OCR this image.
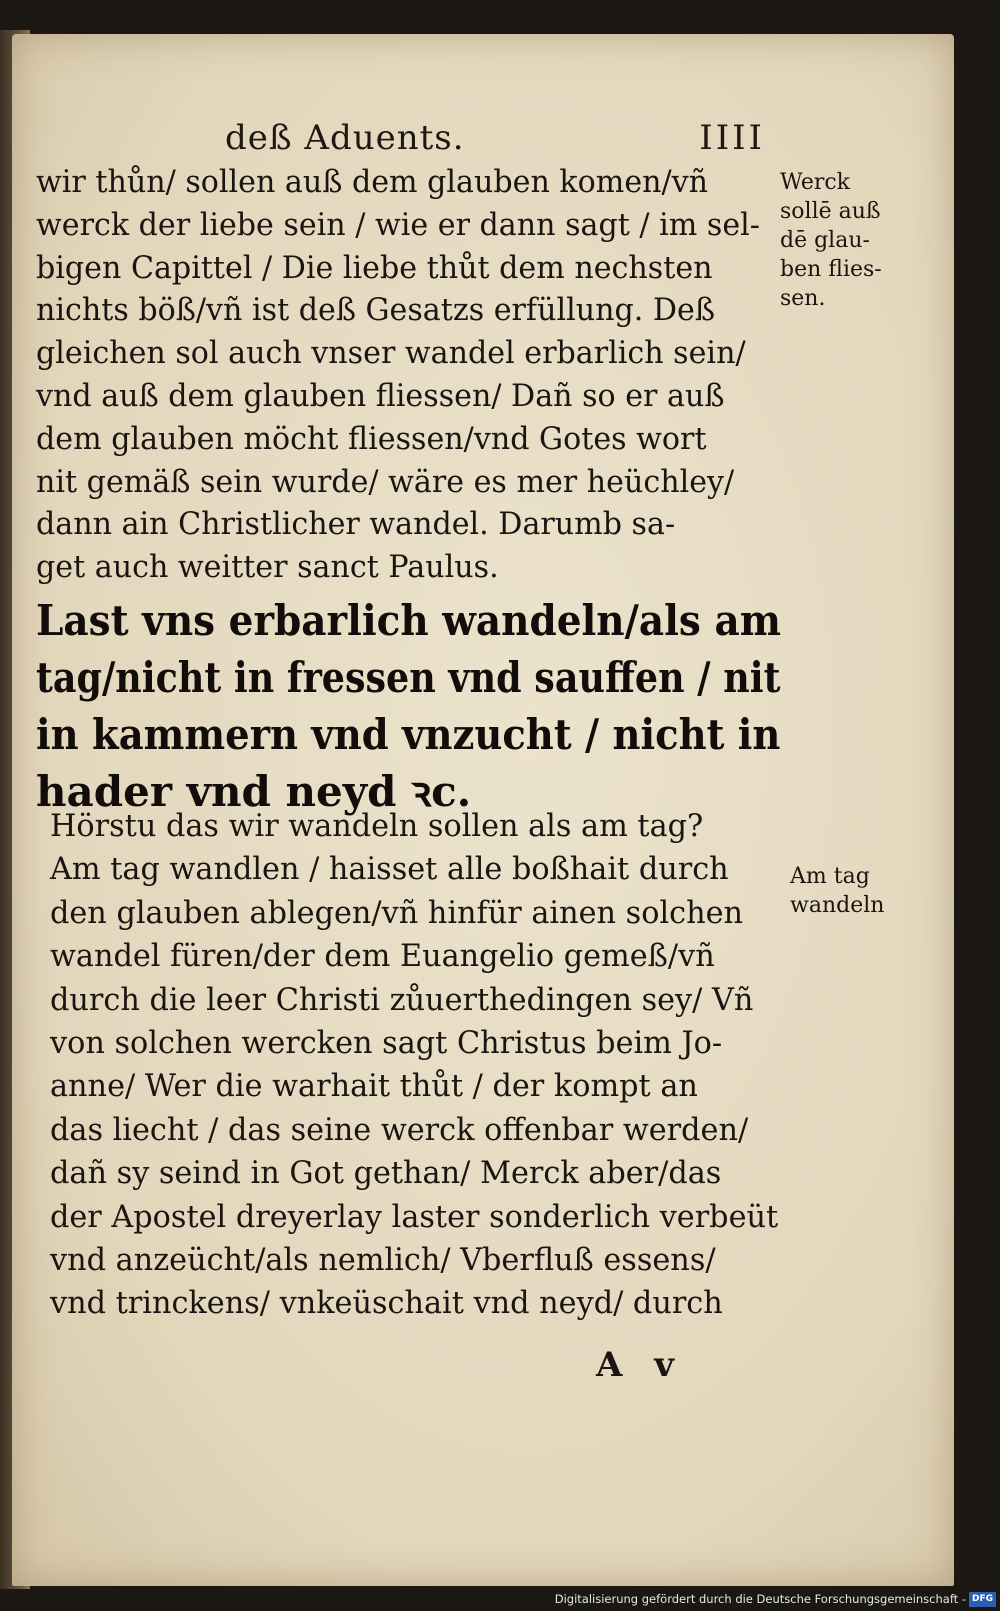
deß Aduents.	IIII
wir thůn/ sollen auß dem glauben komen/vñ
werck der liebe sein / wie er dann sagt / im sel-
bigen Capittel / Die liebe thůt dem nechsten
nichts böß/vñ ist deß Gesatzs erfüllung. Deß
gleichen sol auch vnser wandel erbarlich sein/
vnd auß dem glauben fliessen/ Dañ so er auß
dem glauben möcht fliessen/vnd Gotes wort
nit gemäß sein wurde/ wäre es mer heüchley/
dann ain Christlicher wandel. Darumb sa-
get auch weitter sanct Paulus.
Last vns erbarlich wandeln/als am
tag/nicht in fressen vnd sauffen / nit
in kammern vnd vnzucht / nicht in
hader vnd neyd ꝛc.
Hörstu das wir wandeln sollen als am tag?
Am tag wandlen / haisset alle boßhait durch
den glauben ablegen/vñ hinfür ainen solchen
wandel füren/der dem Euangelio gemeß/vñ
durch die leer Christi zůuerthedingen sey/ Vñ
von solchen wercken sagt Christus beim Jo-
anne/ Wer die warhait thůt / der kompt an
das liecht / das seine werck offenbar werden/
dañ sy seind in Got gethan/ Merck aber/das
der Apostel dreyerlay laster sonderlich verbeüt
vnd anzeücht/als nemlich/ Vberfluß essens/
vnd trinckens/ vnkeüschait vnd neyd/ durch
Werck
sollē auß
dē glau-
ben flies-
sen.
Am tag
wandeln
A v
Digitalisierung gefördert durch die Deutsche Forschungsgemeinschaft - DFG
